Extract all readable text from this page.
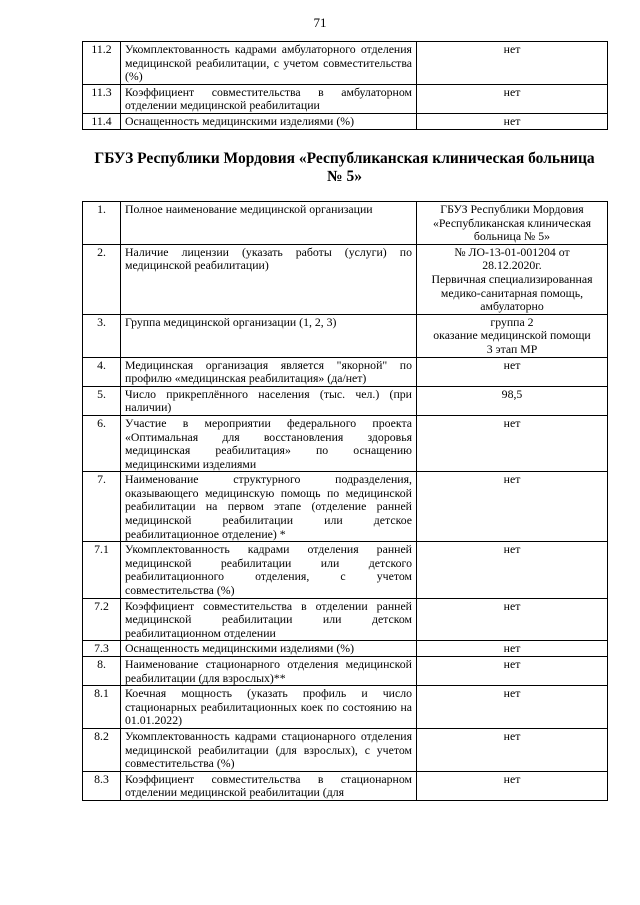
71
11.2	Укомплектованность кадрами амбулаторного отделения медицинской реабилитации, с учетом совместительства (%)	нет
11.3	Коэффициент совместительства в амбулаторном отделении медицинской реабилитации	нет
11.4	Оснащенность медицинскими изделиями (%)	нет
ГБУЗ Республики Мордовия «Республиканская клиническая больница
№ 5»
1.	Полное наименование медицинской организации	ГБУЗ Республики Мордовия
«Республиканская клиническая
больница № 5»

2.	Наличие лицензии (указать работы (услуги) по медицинской реабилитации)	№ ЛО-13-01-001204 от
28.12.2020г.
Первичная специализированная
медико-санитарная помощь,
амбулаторно

3.	Группа медицинской организации (1, 2, 3)	группа 2
оказание медицинской помощи
3 этап МР

4.	Медицинская организация является "якорной" по профилю «медицинская реабилитация» (да/нет)	нет

5.	Число прикреплённого населения (тыс. чел.) (при наличии)	98,5

6.	Участие в мероприятии федерального проекта «Оптимальная для восстановления здоровья медицинская реабилитация» по оснащению медицинскими изделиями	нет

7.	Наименование структурного подразделения, оказывающего медицинскую помощь по медицинской реабилитации на первом этапе (отделение ранней медицинской реабилитации или детское реабилитационное отделение) *	нет

7.1	Укомплектованность кадрами отделения ранней медицинской реабилитации или детского реабилитационного отделения, с учетом совместительства (%)	нет

7.2	Коэффициент совместительства в отделении ранней медицинской реабилитации или детском реабилитационном отделении	нет

7.3	Оснащенность медицинскими изделиями (%)	нет

8.	Наименование стационарного отделения медицинской реабилитации (для взрослых)**	нет

8.1	Коечная мощность (указать профиль и число стационарных реабилитационных коек по состоянию на 01.01.2022)	нет

8.2	Укомплектованность кадрами стационарного отделения медицинской реабилитации (для взрослых), с учетом совместительства (%)	нет

8.3	Коэффициент совместительства в стационарном отделении медицинской реабилитации (для	нет
